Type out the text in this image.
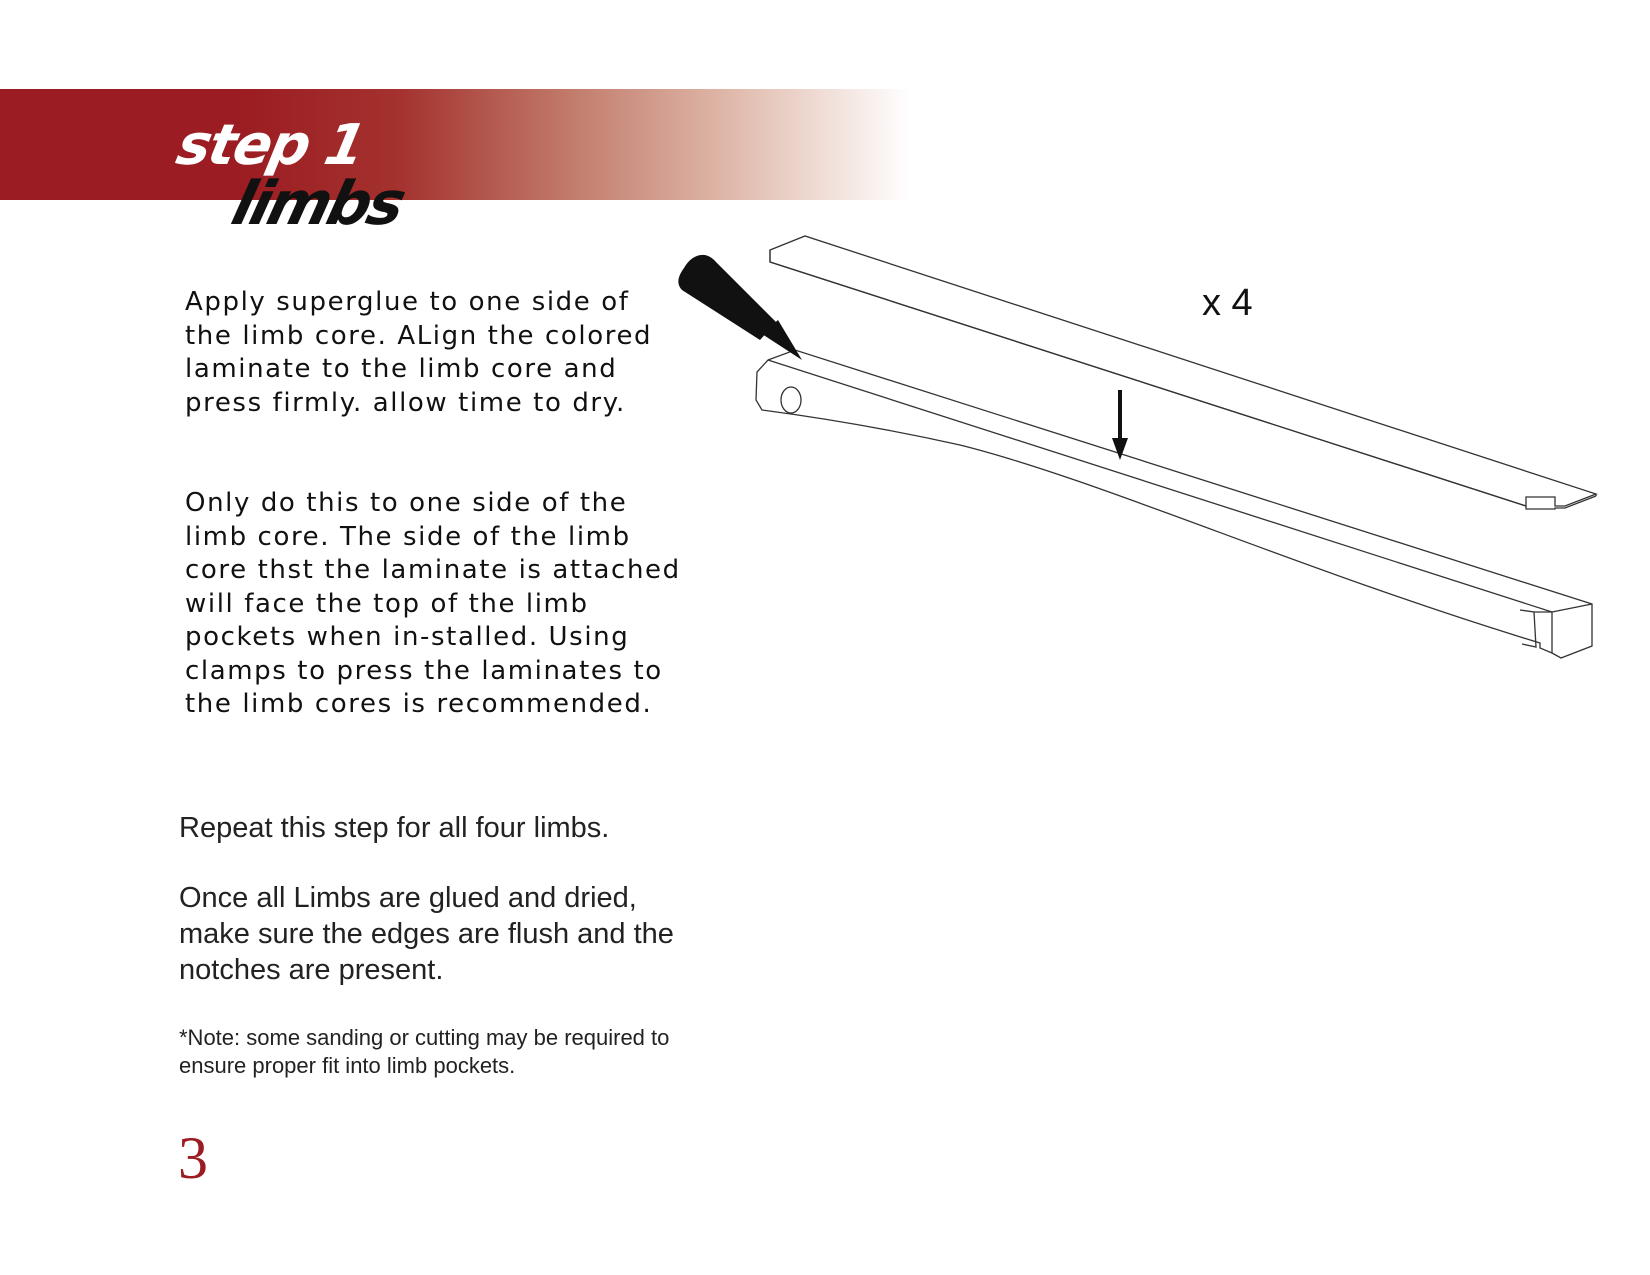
step 1
limbs

Apply superglue to one side of the limb core. ALign the colored laminate to the limb core and press firmly. allow time to dry.

Only do this to one side of the limb core. The side of the limb core thst the laminate is attached will face the top of the limb pockets when in-stalled. Using clamps to press the laminates to the limb cores is recommended.

Repeat this step for all four limbs.

Once all Limbs are glued and dried, make sure the edges are flush and the notches are present.

*Note: some sanding or cutting may be required to ensure proper fit into limb pockets.

3

x 4
